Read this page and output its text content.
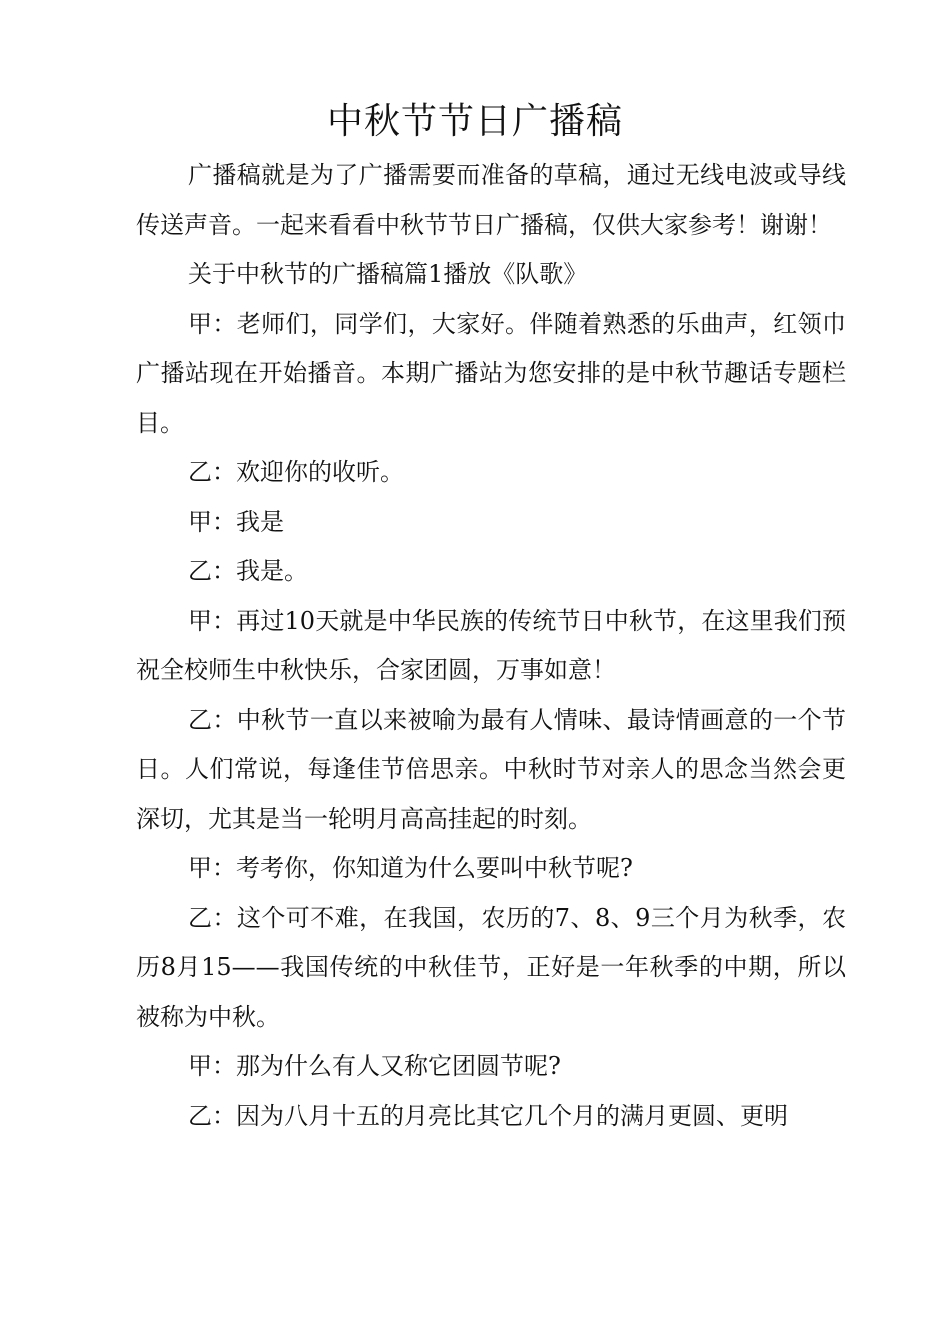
中秋节节日广播稿

广播稿就是为了广播需要而准备的草稿，通过无线电波或导线传送声音。一起来看看中秋节节日广播稿，仅供大家参考！谢谢！

关于中秋节的广播稿篇1播放《队歌》

甲：老师们，同学们，大家好。伴随着熟悉的乐曲声，红领巾广播站现在开始播音。本期广播站为您安排的是中秋节趣话专题栏目。

乙：欢迎你的收听。

甲：我是

乙：我是。

甲：再过10天就是中华民族的传统节日中秋节，在这里我们预祝全校师生中秋快乐，合家团圆，万事如意！

乙：中秋节一直以来被喻为最有人情味、最诗情画意的一个节日。人们常说，每逢佳节倍思亲。中秋时节对亲人的思念当然会更深切，尤其是当一轮明月高高挂起的时刻。

甲：考考你，你知道为什么要叫中秋节呢?

乙：这个可不难，在我国，农历的7、8、9三个月为秋季，农历8月15——我国传统的中秋佳节，正好是一年秋季的中期，所以被称为中秋。

甲：那为什么有人又称它团圆节呢?

乙：因为八月十五的月亮比其它几个月的满月更圆、更明
